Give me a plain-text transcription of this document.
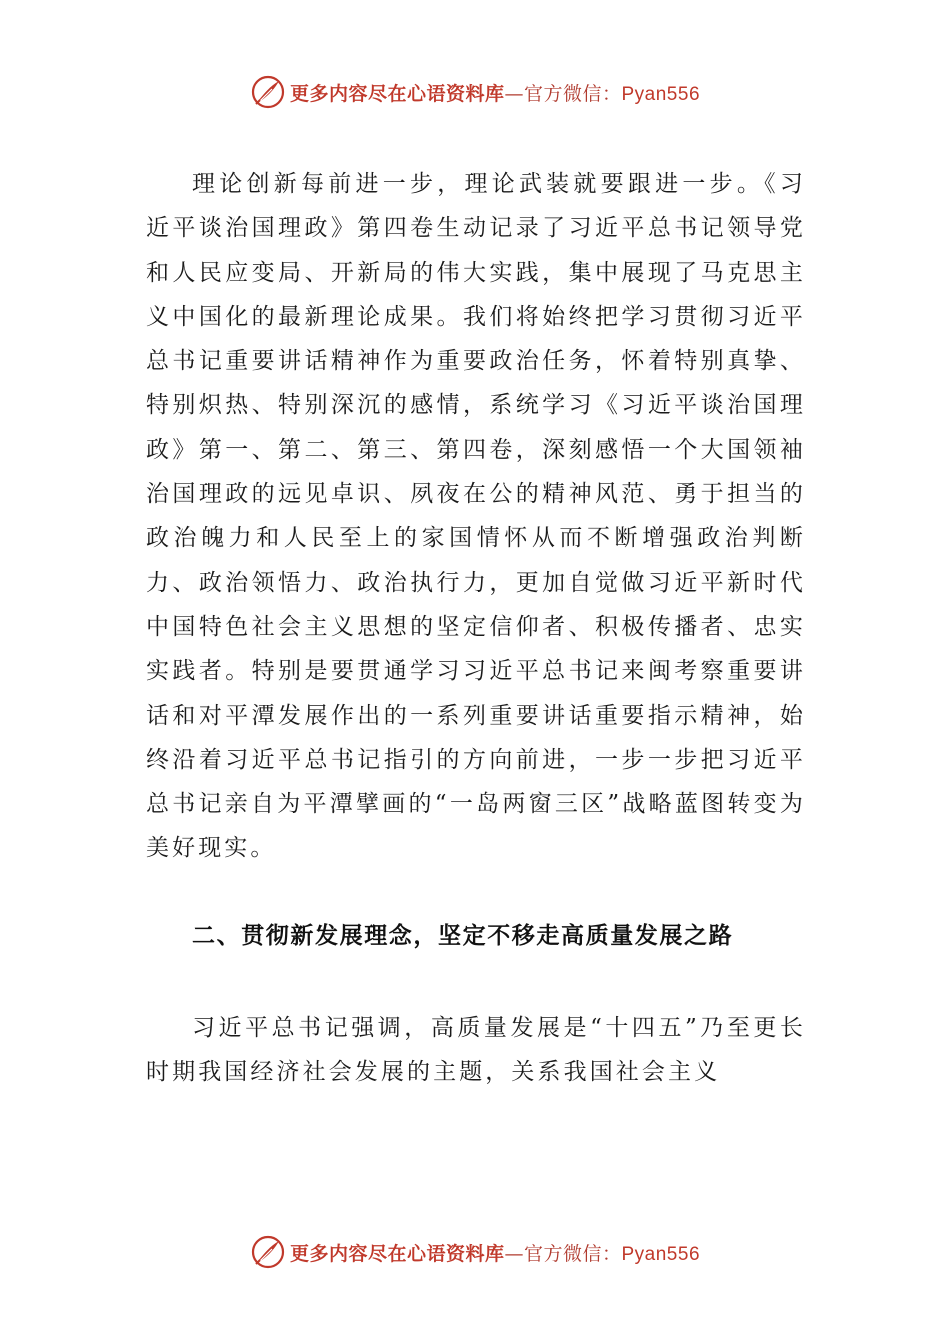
更多内容尽在心语资料库—官方微信：Pyan556

理论创新每前进一步，理论武装就要跟进一步。《习近平谈治国理政》第四卷生动记录了习近平总书记领导党和人民应变局、开新局的伟大实践，集中展现了马克思主义中国化的最新理论成果。我们将始终把学习贯彻习近平总书记重要讲话精神作为重要政治任务，怀着特别真挚、特别炽热、特别深沉的感情，系统学习《习近平谈治国理政》第一、第二、第三、第四卷，深刻感悟一个大国领袖治国理政的远见卓识、夙夜在公的精神风范、勇于担当的政治魄力和人民至上的家国情怀从而不断增强政治判断力、政治领悟力、政治执行力，更加自觉做习近平新时代中国特色社会主义思想的坚定信仰者、积极传播者、忠实实践者。特别是要贯通学习习近平总书记来闽考察重要讲话和对平潭发展作出的一系列重要讲话重要指示精神，始终沿着习近平总书记指引的方向前进，一步一步把习近平总书记亲自为平潭擘画的“一岛两窗三区”战略蓝图转变为美好现实。

二、贯彻新发展理念，坚定不移走高质量发展之路

习近平总书记强调，高质量发展是“十四五”乃至更长时期我国经济社会发展的主题，关系我国社会主义

更多内容尽在心语资料库—官方微信：Pyan556
